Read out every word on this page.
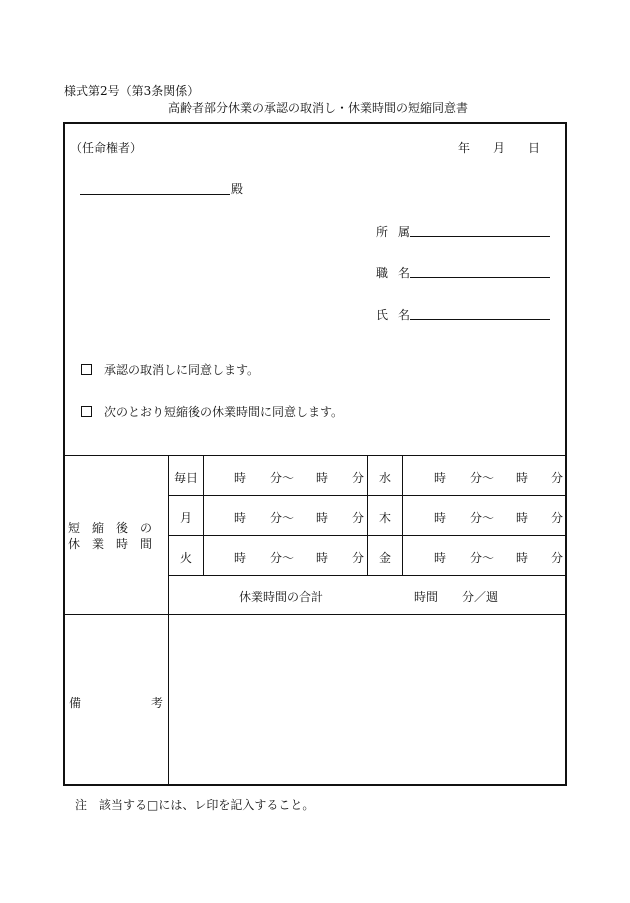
様式第2号（第3条関係）
高齢者部分休業の承認の取消し・休業時間の短縮同意書
（任命権者）	年 月 日
殿
所 属
職 名
氏 名
承認の取消しに同意します。
次のとおり短縮後の休業時間に同意します。
短　縮　後　の
休　業　時　間
毎日	時 分～ 時 分	水	時 分～ 時 分
月	時 分～ 時 分	木	時 分～ 時 分
火	時 分～ 時 分	金	時 分～ 時 分
休業時間の合計	時間 分／週
備	考
注　該当する□には、レ印を記入すること。
